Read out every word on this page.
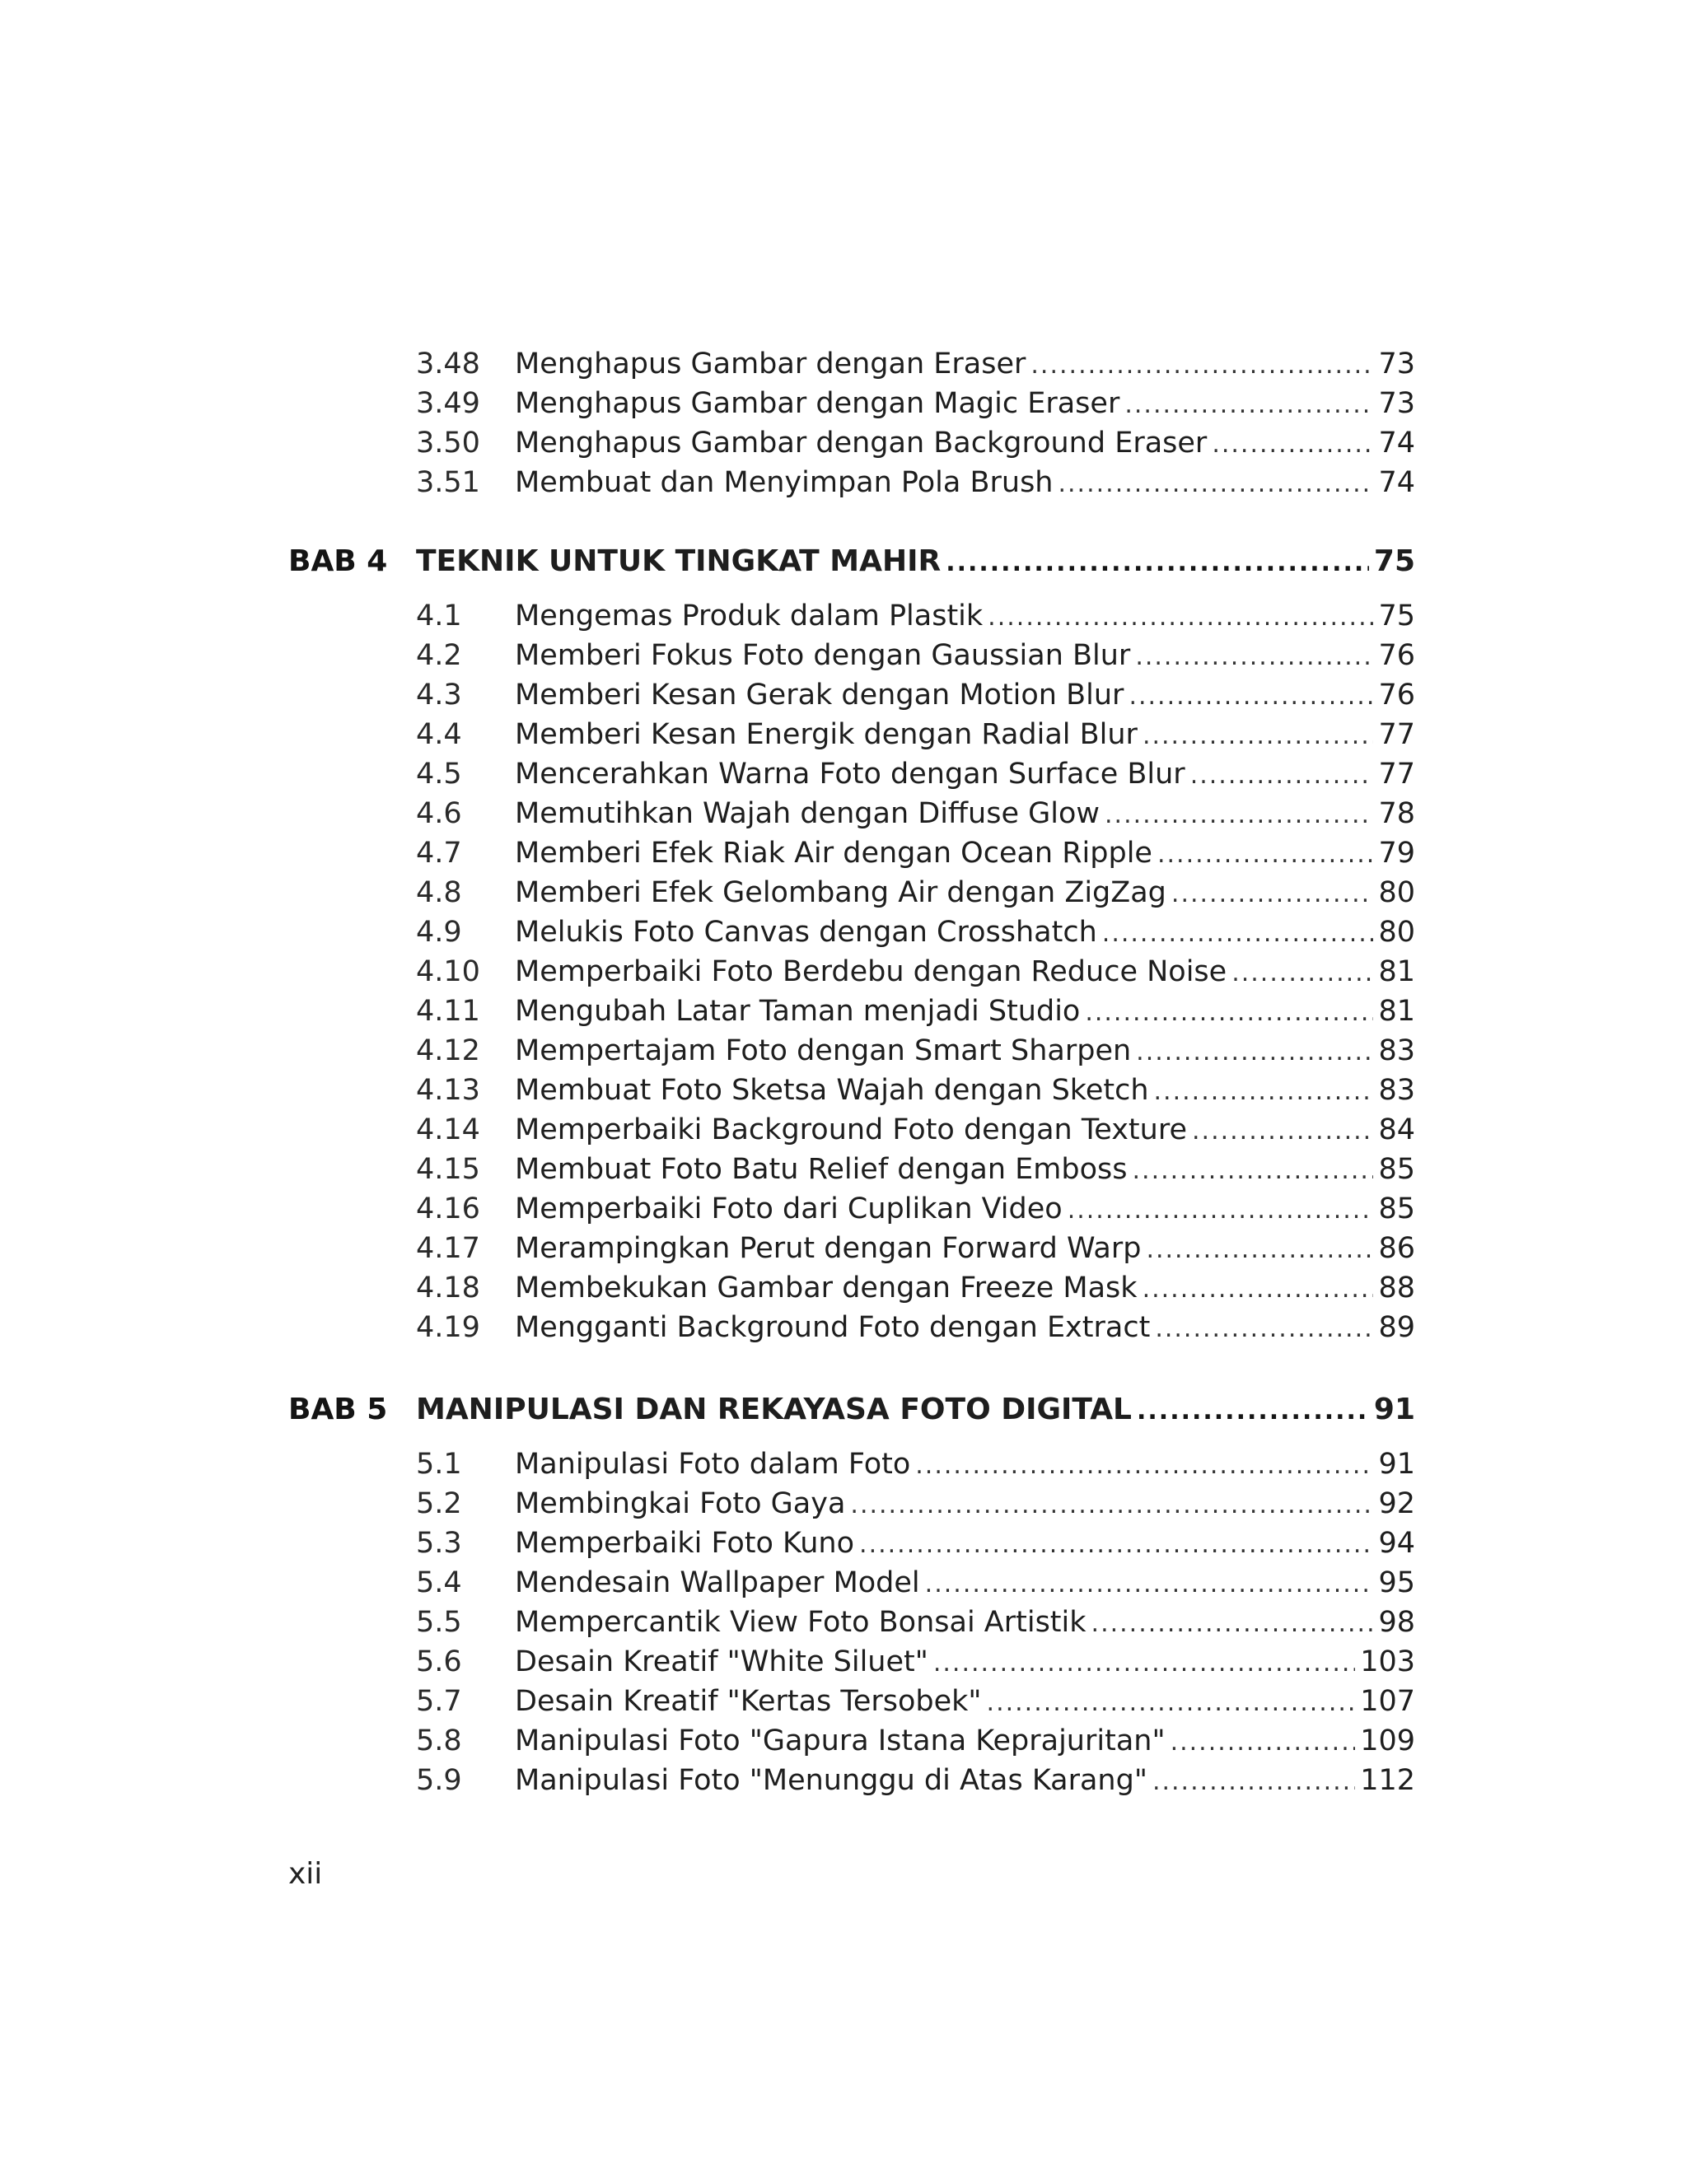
3.48	Menghapus Gambar dengan Eraser .....	73
3.49	Menghapus Gambar dengan Magic Eraser .....	73
3.50	Menghapus Gambar dengan Background Eraser .....	74
3.51	Membuat dan Menyimpan Pola Brush .....	74
BAB 4 TEKNIK UNTUK TINGKAT MAHIR .....	75
4.1	Mengemas Produk dalam Plastik .....	75
4.2	Memberi Fokus Foto dengan Gaussian Blur .....	76
4.3	Memberi Kesan Gerak dengan Motion Blur .....	76
4.4	Memberi Kesan Energik dengan Radial Blur .....	77
4.5	Mencerahkan Warna Foto dengan Surface Blur .....	77
4.6	Memutihkan Wajah dengan Diffuse Glow .....	78
4.7	Memberi Efek Riak Air dengan Ocean Ripple .....	79
4.8	Memberi Efek Gelombang Air dengan ZigZag .....	80
4.9	Melukis Foto Canvas dengan Crosshatch .....	80
4.10	Memperbaiki Foto Berdebu dengan Reduce Noise .....	81
4.11	Mengubah Latar Taman menjadi Studio .....	81
4.12	Mempertajam Foto dengan Smart Sharpen .....	83
4.13	Membuat Foto Sketsa Wajah dengan Sketch .....	83
4.14	Memperbaiki Background Foto dengan Texture .....	84
4.15	Membuat Foto Batu Relief dengan Emboss .....	85
4.16	Memperbaiki Foto dari Cuplikan Video .....	85
4.17	Merampingkan Perut dengan Forward Warp .....	86
4.18	Membekukan Gambar dengan Freeze Mask .....	88
4.19	Mengganti Background Foto dengan Extract .....	89
BAB 5 MANIPULASI DAN REKAYASA FOTO DIGITAL .....	91
5.1	Manipulasi Foto dalam Foto .....	91
5.2	Membingkai Foto Gaya .....	92
5.3	Memperbaiki Foto Kuno .....	94
5.4	Mendesain Wallpaper Model .....	95
5.5	Mempercantik View Foto Bonsai Artistik .....	98
5.6	Desain Kreatif "White Siluet" .....	103
5.7	Desain Kreatif "Kertas Tersobek" .....	107
5.8	Manipulasi Foto "Gapura Istana Keprajuritan" .....	109
5.9	Manipulasi Foto "Menunggu di Atas Karang" .....	112
xii
